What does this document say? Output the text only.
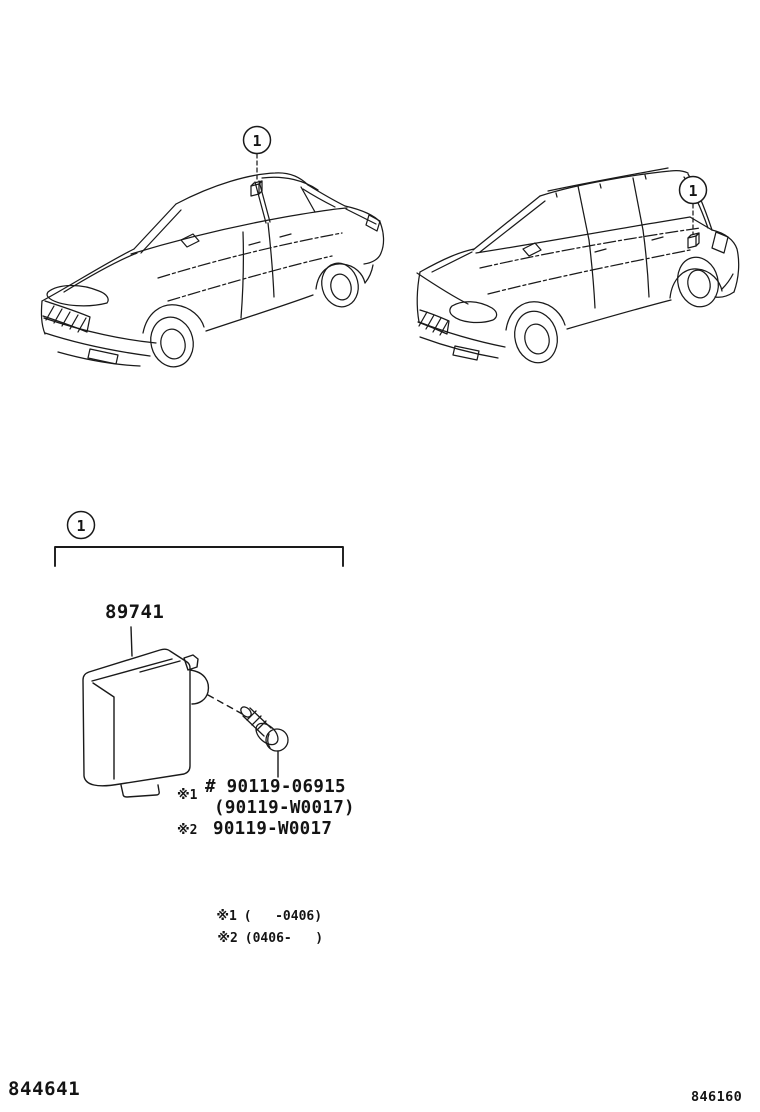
1
1
1
89741
※1 # 90119-06915
(90119-W0017)
※2 90119-W0017

※1 (   -0406)

※2 (0406-   )

844641	846160
